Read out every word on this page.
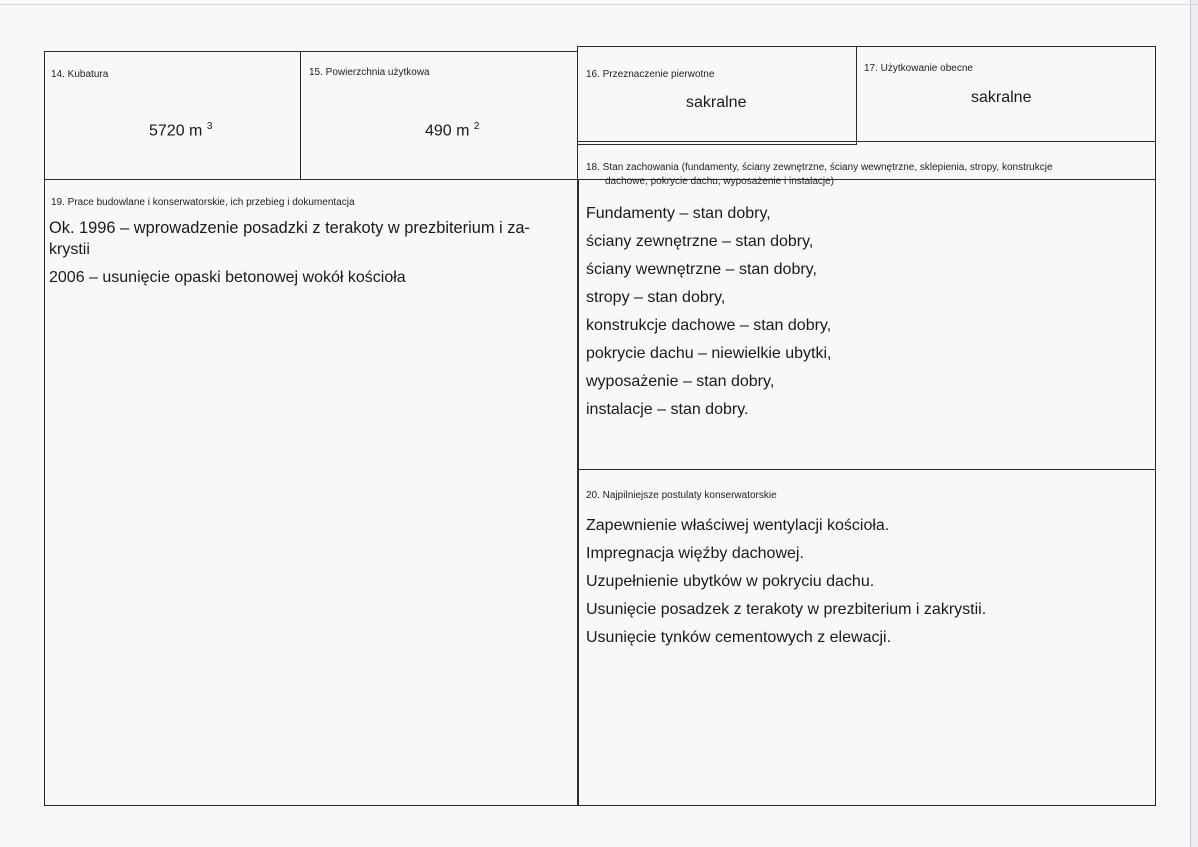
14. Kubatura
5720 m $^3$
15. Powierzchnia użytkowa
490 m $^2$
16. Przeznaczenie pierwotne
sakralne
17. Użytkowanie obecne
sakralne
18. Stan zachowania (fundamenty, ściany zewnętrzne, ściany wewnętrzne, sklepienia, stropy, konstrukcje
dachowe, pokrycie dachu, wyposażenie i instalacje)
Fundamenty – stan dobry,
ściany zewnętrzne – stan dobry,
ściany wewnętrzne – stan dobry,
stropy – stan dobry,
konstrukcje dachowe – stan dobry,
pokrycie dachu – niewielkie ubytki,
wyposażenie – stan dobry,
instalacje – stan dobry.
19. Prace budowlane i konserwatorskie, ich przebieg i dokumentacja
Ok. 1996 – wprowadzenie posadzki z terakoty w prezbiterium i za-
krystii
2006 – usunięcie opaski betonowej wokół kościoła
20. Najpilniejsze postulaty konserwatorskie
Zapewnienie właściwej wentylacji kościoła.
Impregnacja więźby dachowej.
Uzupełnienie ubytków w pokryciu dachu.
Usunięcie posadzek z terakoty w prezbiterium i zakrystii.
Usunięcie tynków cementowych z elewacji.
